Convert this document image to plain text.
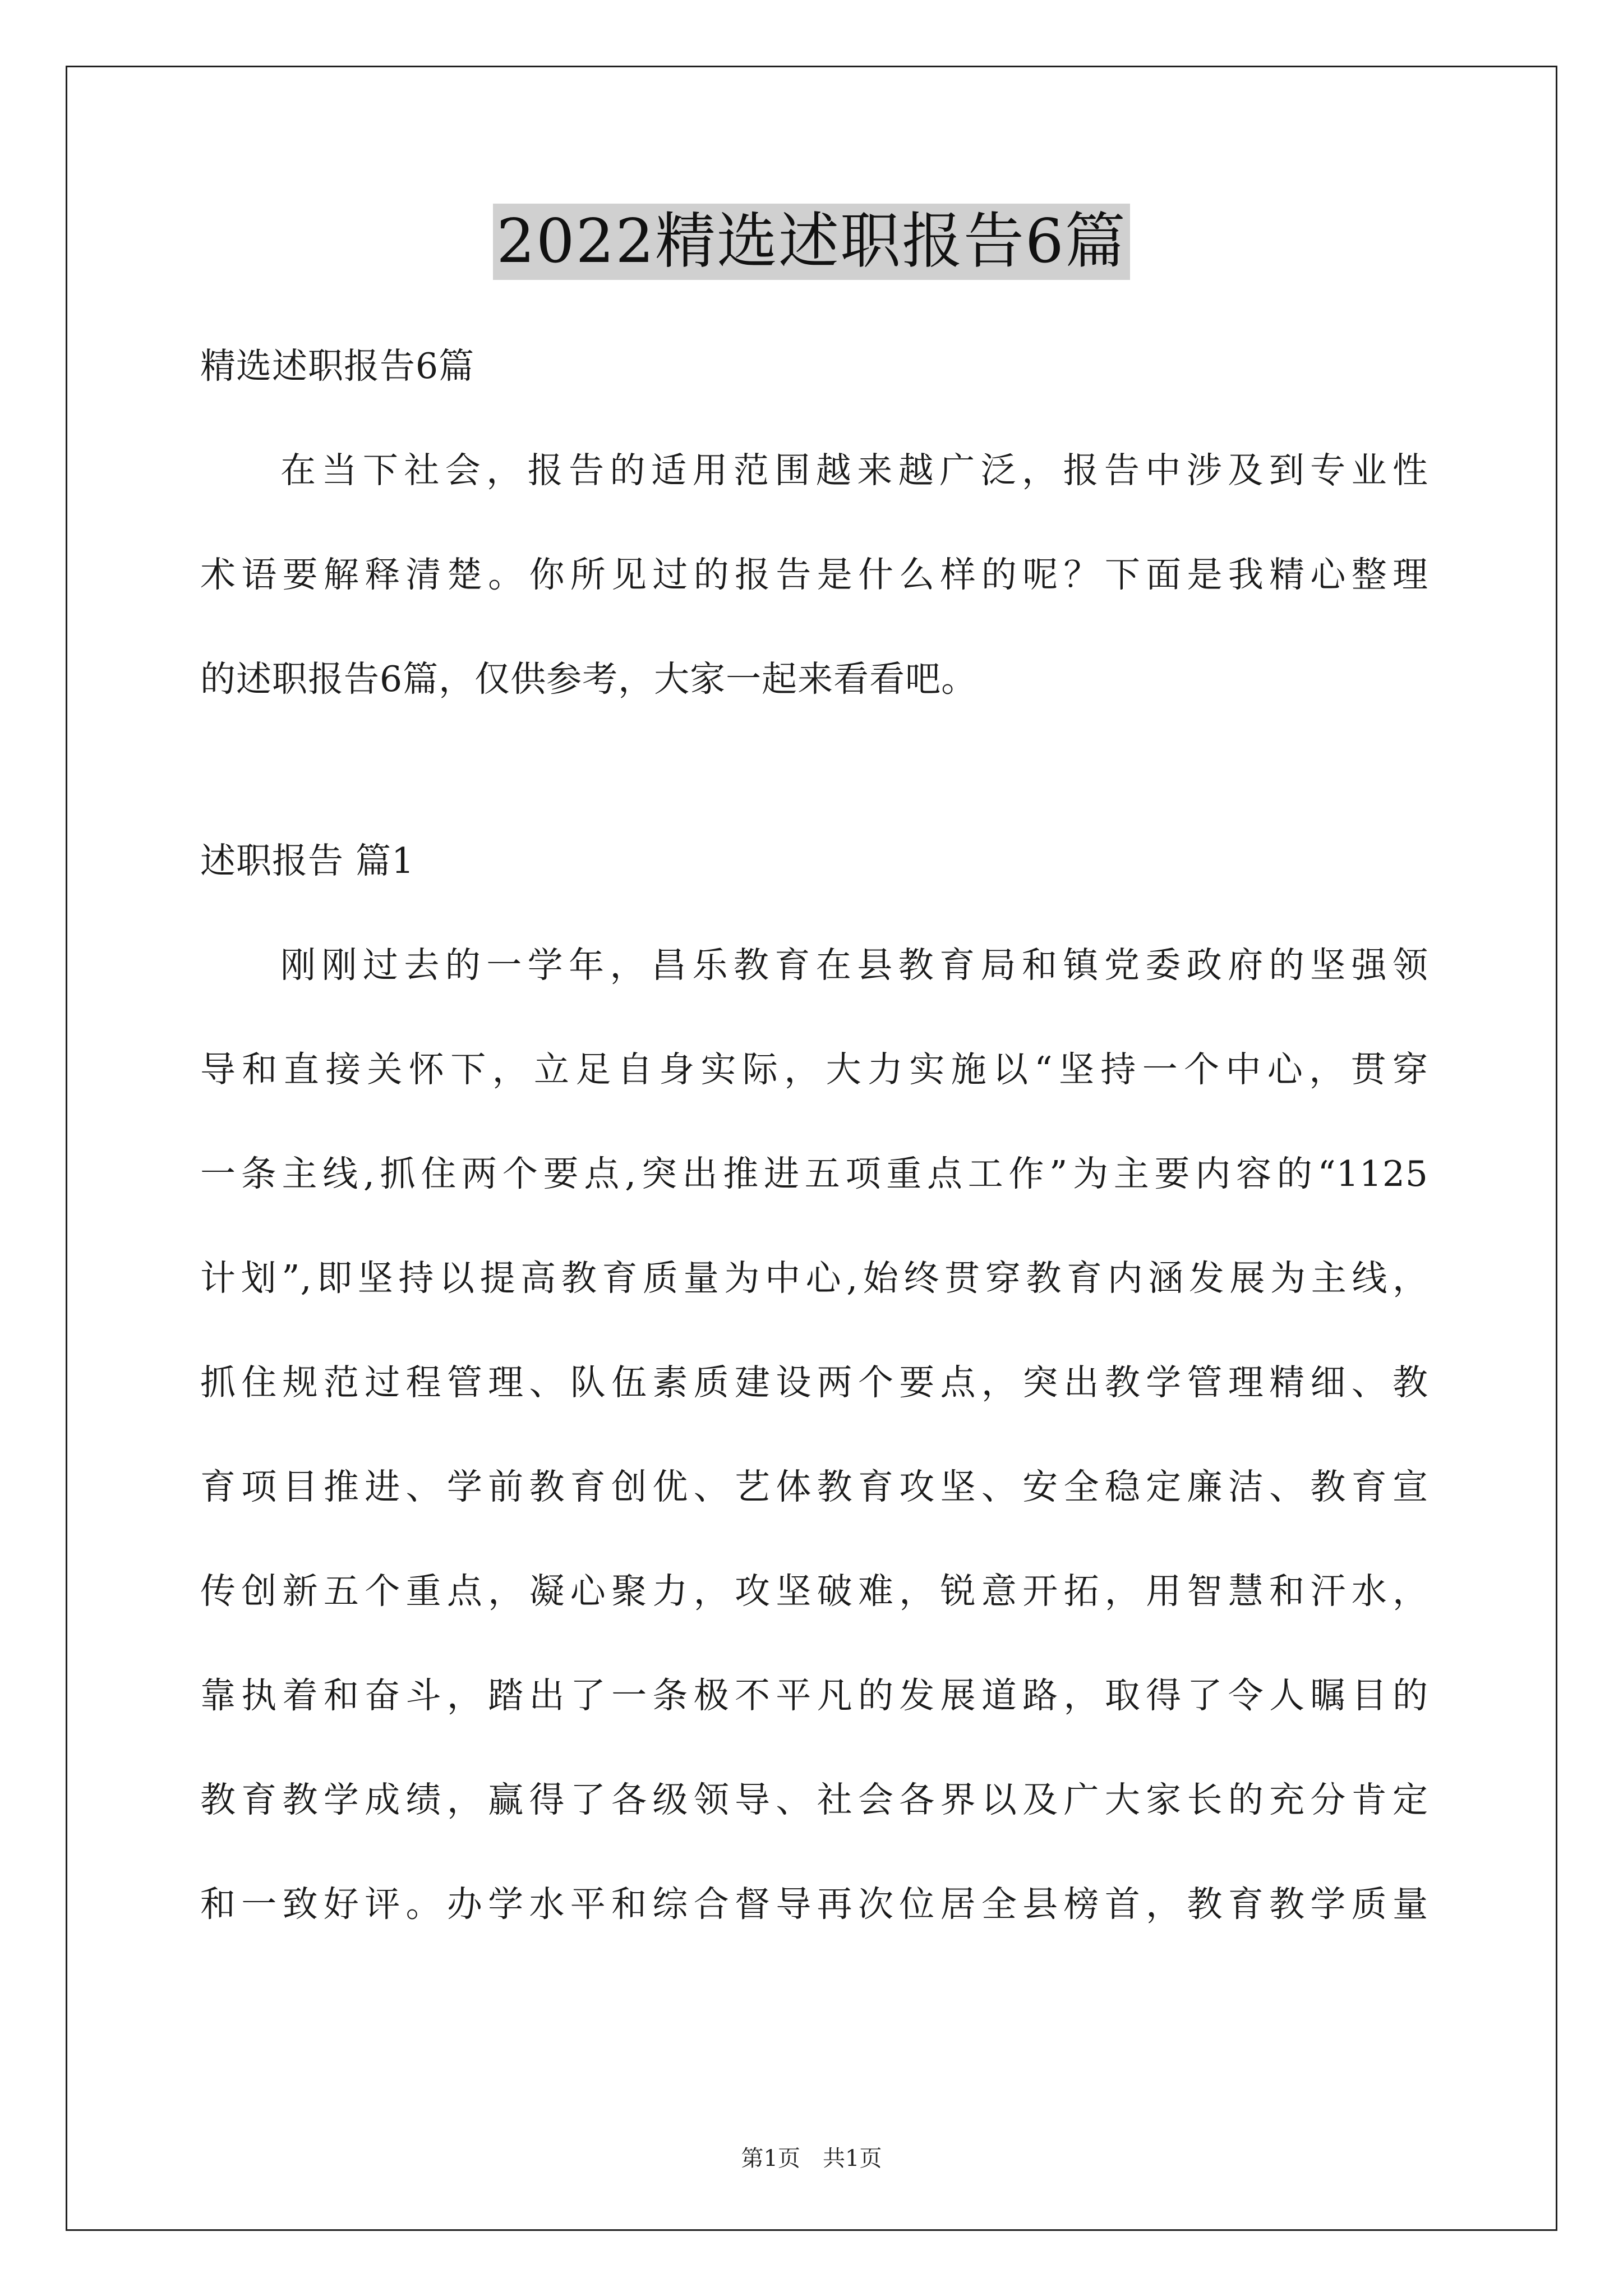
2022精选述职报告6篇
精选述职报告6篇
在当下社会，报告的适用范围越来越广泛，报告中涉及到专业性
术语要解释清楚。你所见过的报告是什么样的呢？下面是我精心整理
的述职报告6篇，仅供参考，大家一起来看看吧。
述职报告 篇1
刚刚过去的一学年，昌乐教育在县教育局和镇党委政府的坚强领
导和直接关怀下，立足自身实际，大力实施以“坚持一个中心，贯穿
一条主线,抓住两个要点,突出推进五项重点工作”为主要内容的“1125
计划”,即坚持以提高教育质量为中心,始终贯穿教育内涵发展为主线，
抓住规范过程管理、队伍素质建设两个要点，突出教学管理精细、教
育项目推进、学前教育创优、艺体教育攻坚、安全稳定廉洁、教育宣
传创新五个重点，凝心聚力，攻坚破难，锐意开拓，用智慧和汗水，
靠执着和奋斗，踏出了一条极不平凡的发展道路，取得了令人瞩目的
教育教学成绩，赢得了各级领导、社会各界以及广大家长的充分肯定
和一致好评。办学水平和综合督导再次位居全县榜首，教育教学质量
第1页　共1页
